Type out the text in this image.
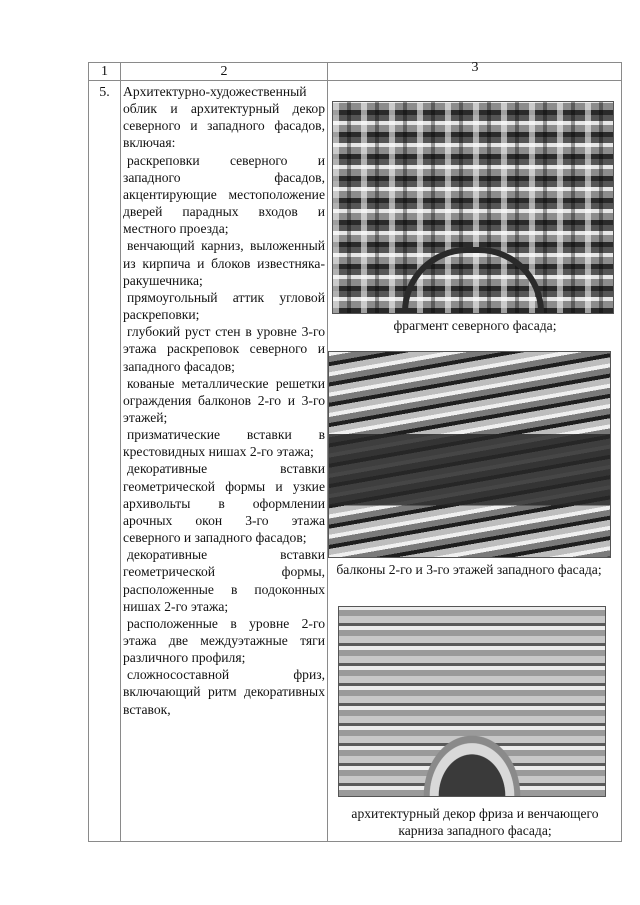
1	2	3
5. Архитектурно-художественный облик и архитектурный декор северного и западного фасадов, включая:

раскреповки северного и западного фасадов, акцентирующие местоположение дверей парадных входов и местного проезда;

венчающий карниз, выложенный из кирпича и блоков известняка-ракушечника;

прямоугольный аттик угловой раскреповки;

глубокий руст стен в уровне 3-го этажа раскреповок северного и западного фасадов;

кованые металлические решетки ограждения балконов 2-го и 3-го этажей;

призматические вставки в крестовидных нишах 2-го этажа;

декоративные вставки геометрической формы и узкие архивольты в оформлении арочных окон 3-го этажа северного и западного фасадов;

декоративные вставки геометрической формы, расположенные в подоконных нишах 2-го этажа;

расположенные в уровне 2-го этажа две междуэтажные тяги различного профиля;

сложносоставной фриз, включающий ритм декоративных вставок,

фрагмент северного фасада;
балконы 2-го и 3-го этажей западного фасада;
архитектурный декор фриза и венчающего карниза западного фасада;
